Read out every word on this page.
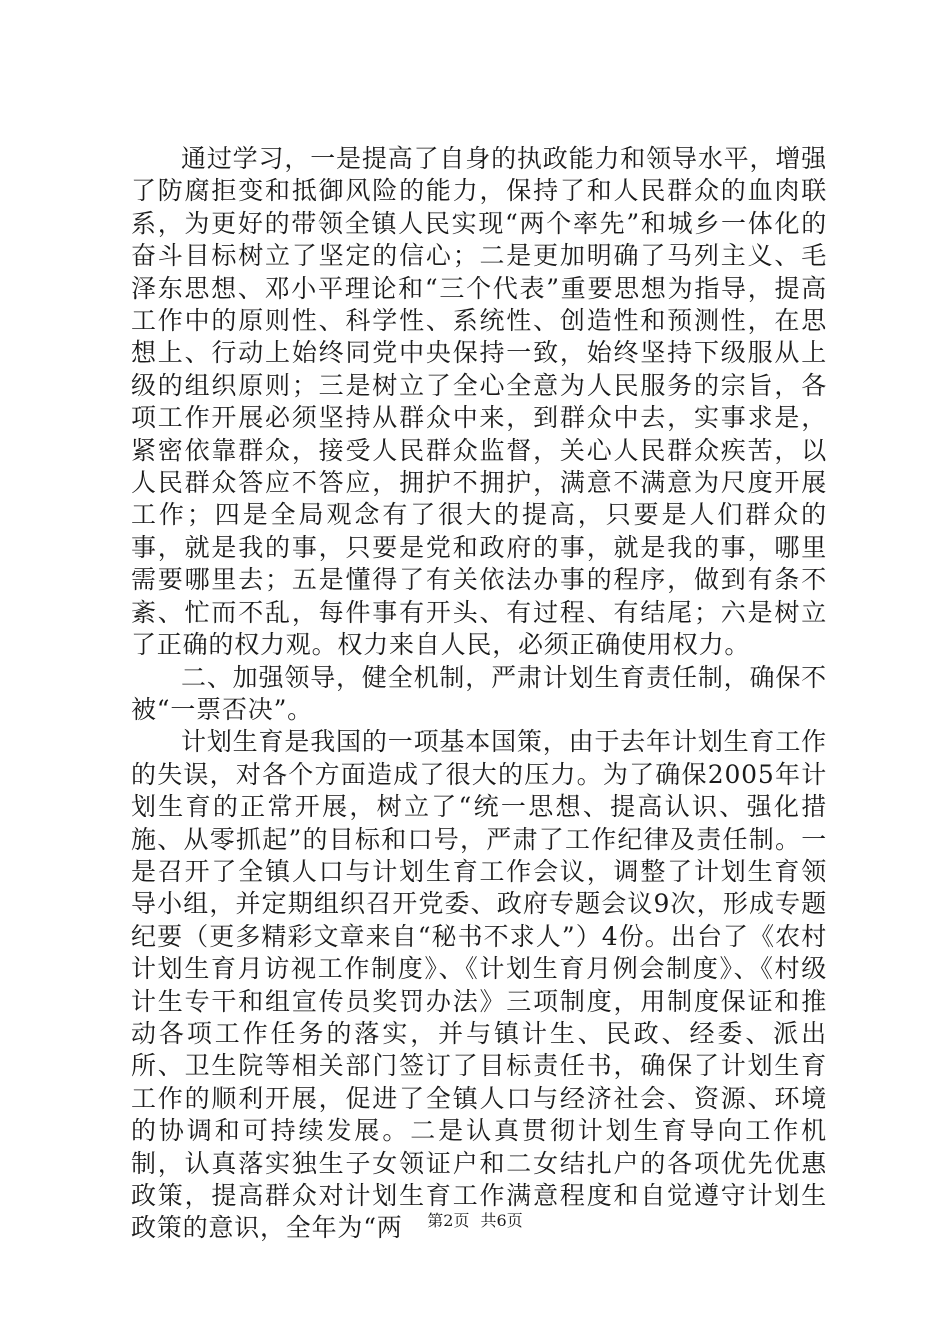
通过学习，一是提高了自身的执政能力和领导水平，增强了防腐拒变和抵御风险的能力，保持了和人民群众的血肉联系，为更好的带领全镇人民实现“两个率先”和城乡一体化的奋斗目标树立了坚定的信心；二是更加明确了马列主义、毛泽东思想、邓小平理论和“三个代表”重要思想为指导，提高工作中的原则性、科学性、系统性、创造性和预测性，在思想上、行动上始终同党中央保持一致，始终坚持下级服从上级的组织原则；三是树立了全心全意为人民服务的宗旨，各项工作开展必须坚持从群众中来，到群众中去，实事求是，紧密依靠群众，接受人民群众监督，关心人民群众疾苦，以人民群众答应不答应，拥护不拥护，满意不满意为尺度开展工作；四是全局观念有了很大的提高，只要是人们群众的事，就是我的事，只要是党和政府的事，就是我的事，哪里需要哪里去；五是懂得了有关依法办事的程序，做到有条不紊、忙而不乱，每件事有开头、有过程、有结尾；六是树立了正确的权力观。权力来自人民，必须正确使用权力。

二、加强领导，健全机制，严肃计划生育责任制，确保不被“一票否决”。

计划生育是我国的一项基本国策，由于去年计划生育工作的失误，对各个方面造成了很大的压力。为了确保2005年计划生育的正常开展，树立了“统一思想、提高认识、强化措施、从零抓起”的目标和口号，严肃了工作纪律及责任制。一是召开了全镇人口与计划生育工作会议，调整了计划生育领导小组，并定期组织召开党委、政府专题会议9次，形成专题纪要（更多精彩文章来自“秘书不求人”）4份。出台了《农村计划生育月访视工作制度》、《计划生育月例会制度》、《村级计生专干和组宣传员奖罚办法》三项制度，用制度保证和推动各项工作任务的落实，并与镇计生、民政、经委、派出所、卫生院等相关部门签订了目标责任书，确保了计划生育工作的顺利开展，促进了全镇人口与经济社会、资源、环境的协调和可持续发展。二是认真贯彻计划生育导向工作机制，认真落实独生子女领证户和二女结扎户的各项优先优惠政策，提高群众对计划生育工作满意程度和自觉遵守计划生政策的意识，全年为“两	第2页 共6页
